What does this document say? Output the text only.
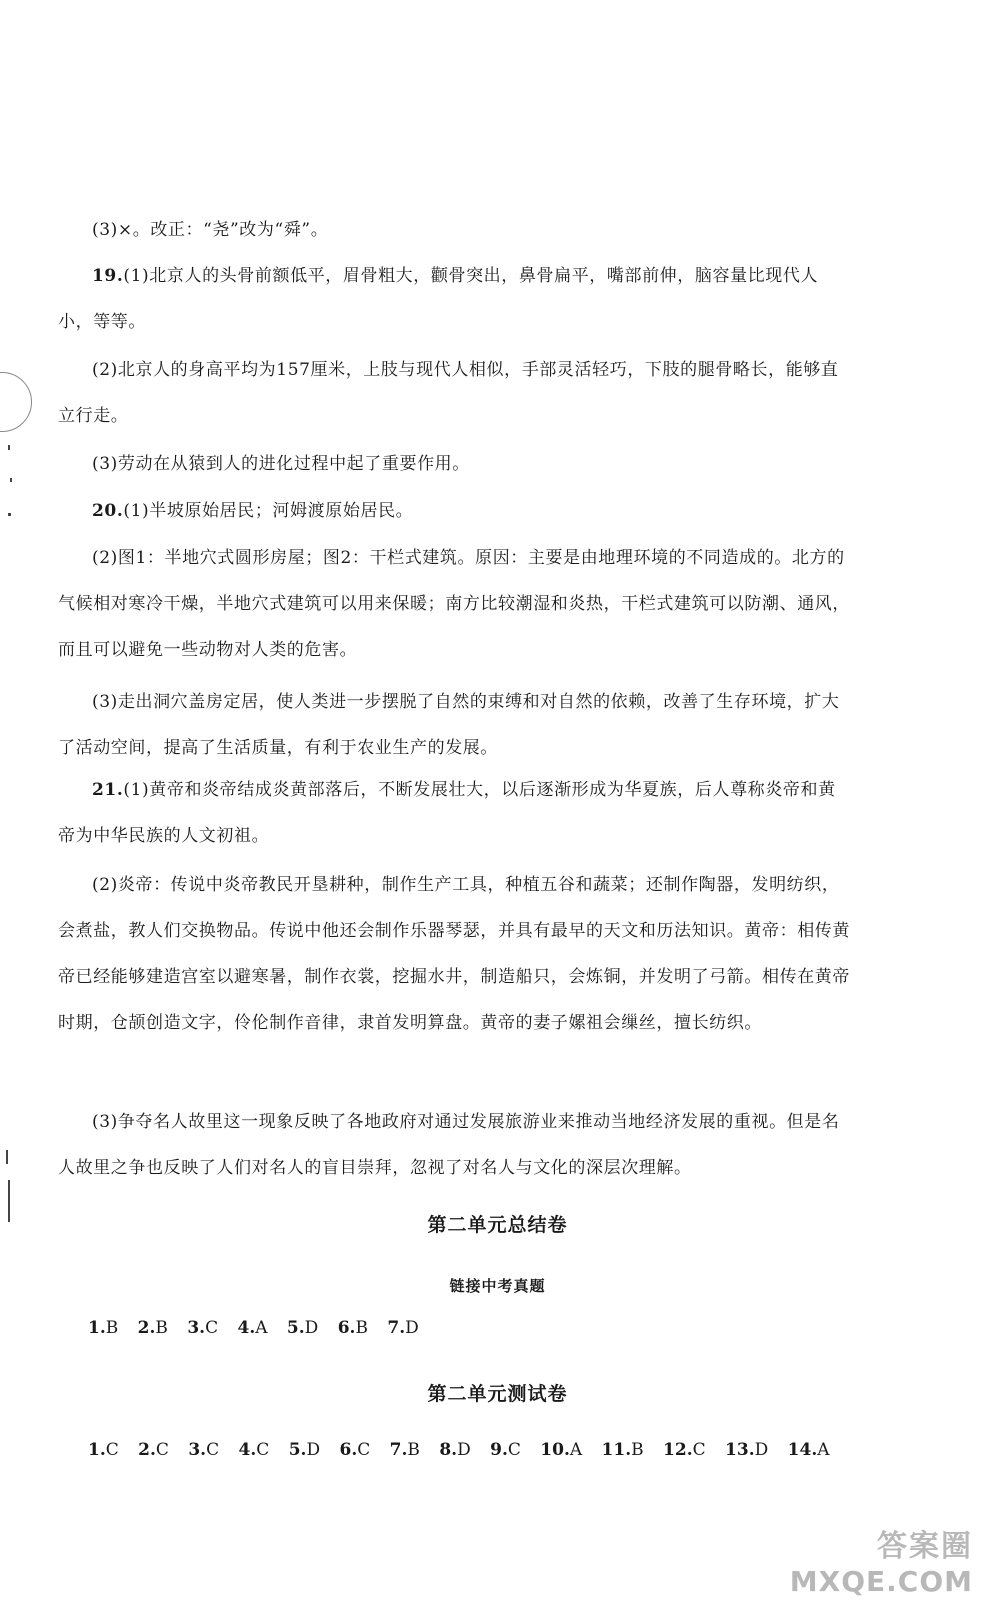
(3)×。改正：“尧”改为“舜”。

19.(1)北京人的头骨前额低平，眉骨粗大，颧骨突出，鼻骨扁平，嘴部前伸，脑容量比现代人小，等等。

(2)北京人的身高平均为157厘米，上肢与现代人相似，手部灵活轻巧，下肢的腿骨略长，能够直立行走。

(3)劳动在从猿到人的进化过程中起了重要作用。

20.(1)半坡原始居民；河姆渡原始居民。

(2)图1：半地穴式圆形房屋；图2：干栏式建筑。原因：主要是由地理环境的不同造成的。北方的气候相对寒冷干燥，半地穴式建筑可以用来保暖；南方比较潮湿和炎热，干栏式建筑可以防潮、通风，而且可以避免一些动物对人类的危害。

(3)走出洞穴盖房定居，使人类进一步摆脱了自然的束缚和对自然的依赖，改善了生存环境，扩大了活动空间，提高了生活质量，有利于农业生产的发展。

21.(1)黄帝和炎帝结成炎黄部落后，不断发展壮大，以后逐渐形成为华夏族，后人尊称炎帝和黄帝为中华民族的人文初祖。

(2)炎帝：传说中炎帝教民开垦耕种，制作生产工具，种植五谷和蔬菜；还制作陶器，发明纺织，会煮盐，教人们交换物品。传说中他还会制作乐器琴瑟，并具有最早的天文和历法知识。黄帝：相传黄帝已经能够建造宫室以避寒暑，制作衣裳，挖掘水井，制造船只，会炼铜，并发明了弓箭。相传在黄帝时期，仓颉创造文字，伶伦制作音律，隶首发明算盘。黄帝的妻子嫘祖会缫丝，擅长纺织。

(3)争夺名人故里这一现象反映了各地政府对通过发展旅游业来推动当地经济发展的重视。但是名人故里之争也反映了人们对名人的盲目崇拜，忽视了对名人与文化的深层次理解。

第二单元总结卷
链接中考真题
1.B 2.B 3.C 4.A 5.D 6.B 7.D
第二单元测试卷
1.C 2.C 3.C 4.C 5.D 6.C 7.B 8.D 9.C 10.A 11.B 12.C 13.D 14.A
答案圈
MXQE.COM
